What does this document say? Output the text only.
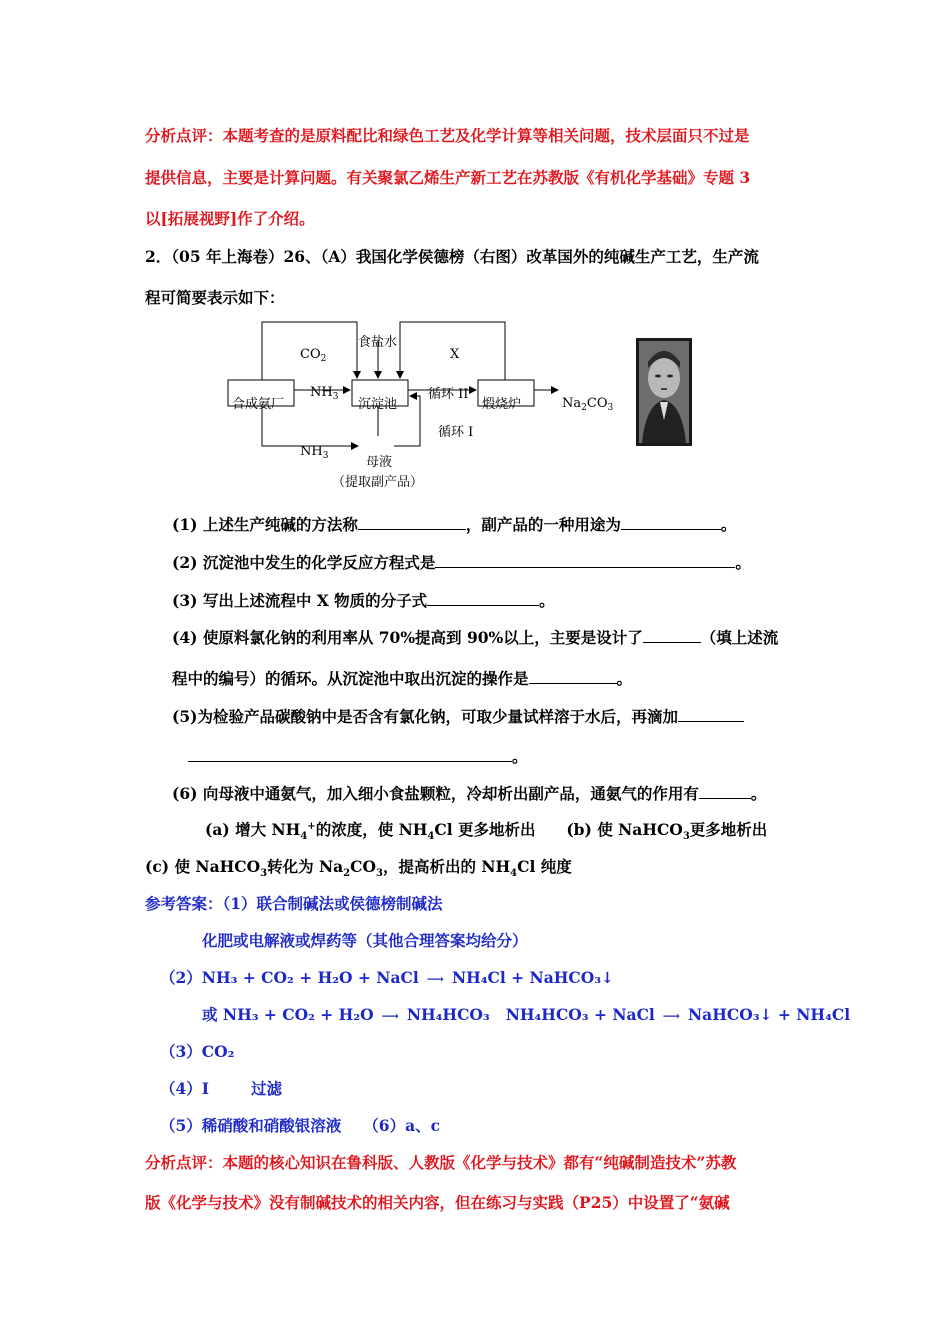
分析点评：本题考查的是原料配比和绿色工艺及化学计算等相关问题，技术层面只不过是
提供信息，主要是计算问题。有关聚氯乙烯生产新工艺在苏教版《有机化学基础》专题 3
以[拓展视野]作了介绍。
2．（05 年上海卷）26、（A）我国化学侯德榜（右图）改革国外的纯碱生产工艺，生产流
程可简要表示如下：
合成氨厂	沉淀池	煅烧炉	$Na_2CO_3$
$CO_2$
食盐水
X
$NH_3$	循环 II
循环 I
$NH_3$	母液
（提取副产品）
(1) 上述生产纯碱的方法称	，副产品的一种用途为	。
(2) 沉淀池中发生的化学反应方程式是	。
(3) 写出上述流程中 X 物质的分子式	。
(4) 使原料氯化钠的利用率从 70%提高到 90%以上，主要是设计了	（填上述流
程中的编号）的循环。从沉淀池中取出沉淀的操作是	。
(5)为检验产品碳酸钠中是否含有氯化钠，可取少量试样溶于水后，再滴加
。
(6) 向母液中通氨气，加入细小食盐颗粒，冷却析出副产品，通氨气的作用有	。
(a) 增大 $NH_4^+$的浓度，使 $NH_4Cl$ 更多地析出 (b) 使 NaHCO$_3$更多地析出
(c) 使 NaHCO$_3$转化为 $Na_2CO_3$，提高析出的 $NH_4Cl$ 纯度
参考答案：（1）联合制碱法或侯德榜制碱法
化肥或电解液或焊药等（其他合理答案均给分）
（2）NH₃ + CO₂ + H₂O + NaCl ⟶ NH₄Cl + NaHCO₃↓
或 NH₃ + CO₂ + H₂O ⟶ NH₄HCO₃ NH₄HCO₃ + NaCl ⟶ NaHCO₃↓ + NH₄Cl
（3）CO₂
（4）I	过滤
（5）稀硝酸和硝酸银溶液 （6）a、c
分析点评：本题的核心知识在鲁科版、人教版《化学与技术》都有“纯碱制造技术”苏教
版《化学与技术》没有制碱技术的相关内容，但在练习与实践（P25）中设置了“氨碱
